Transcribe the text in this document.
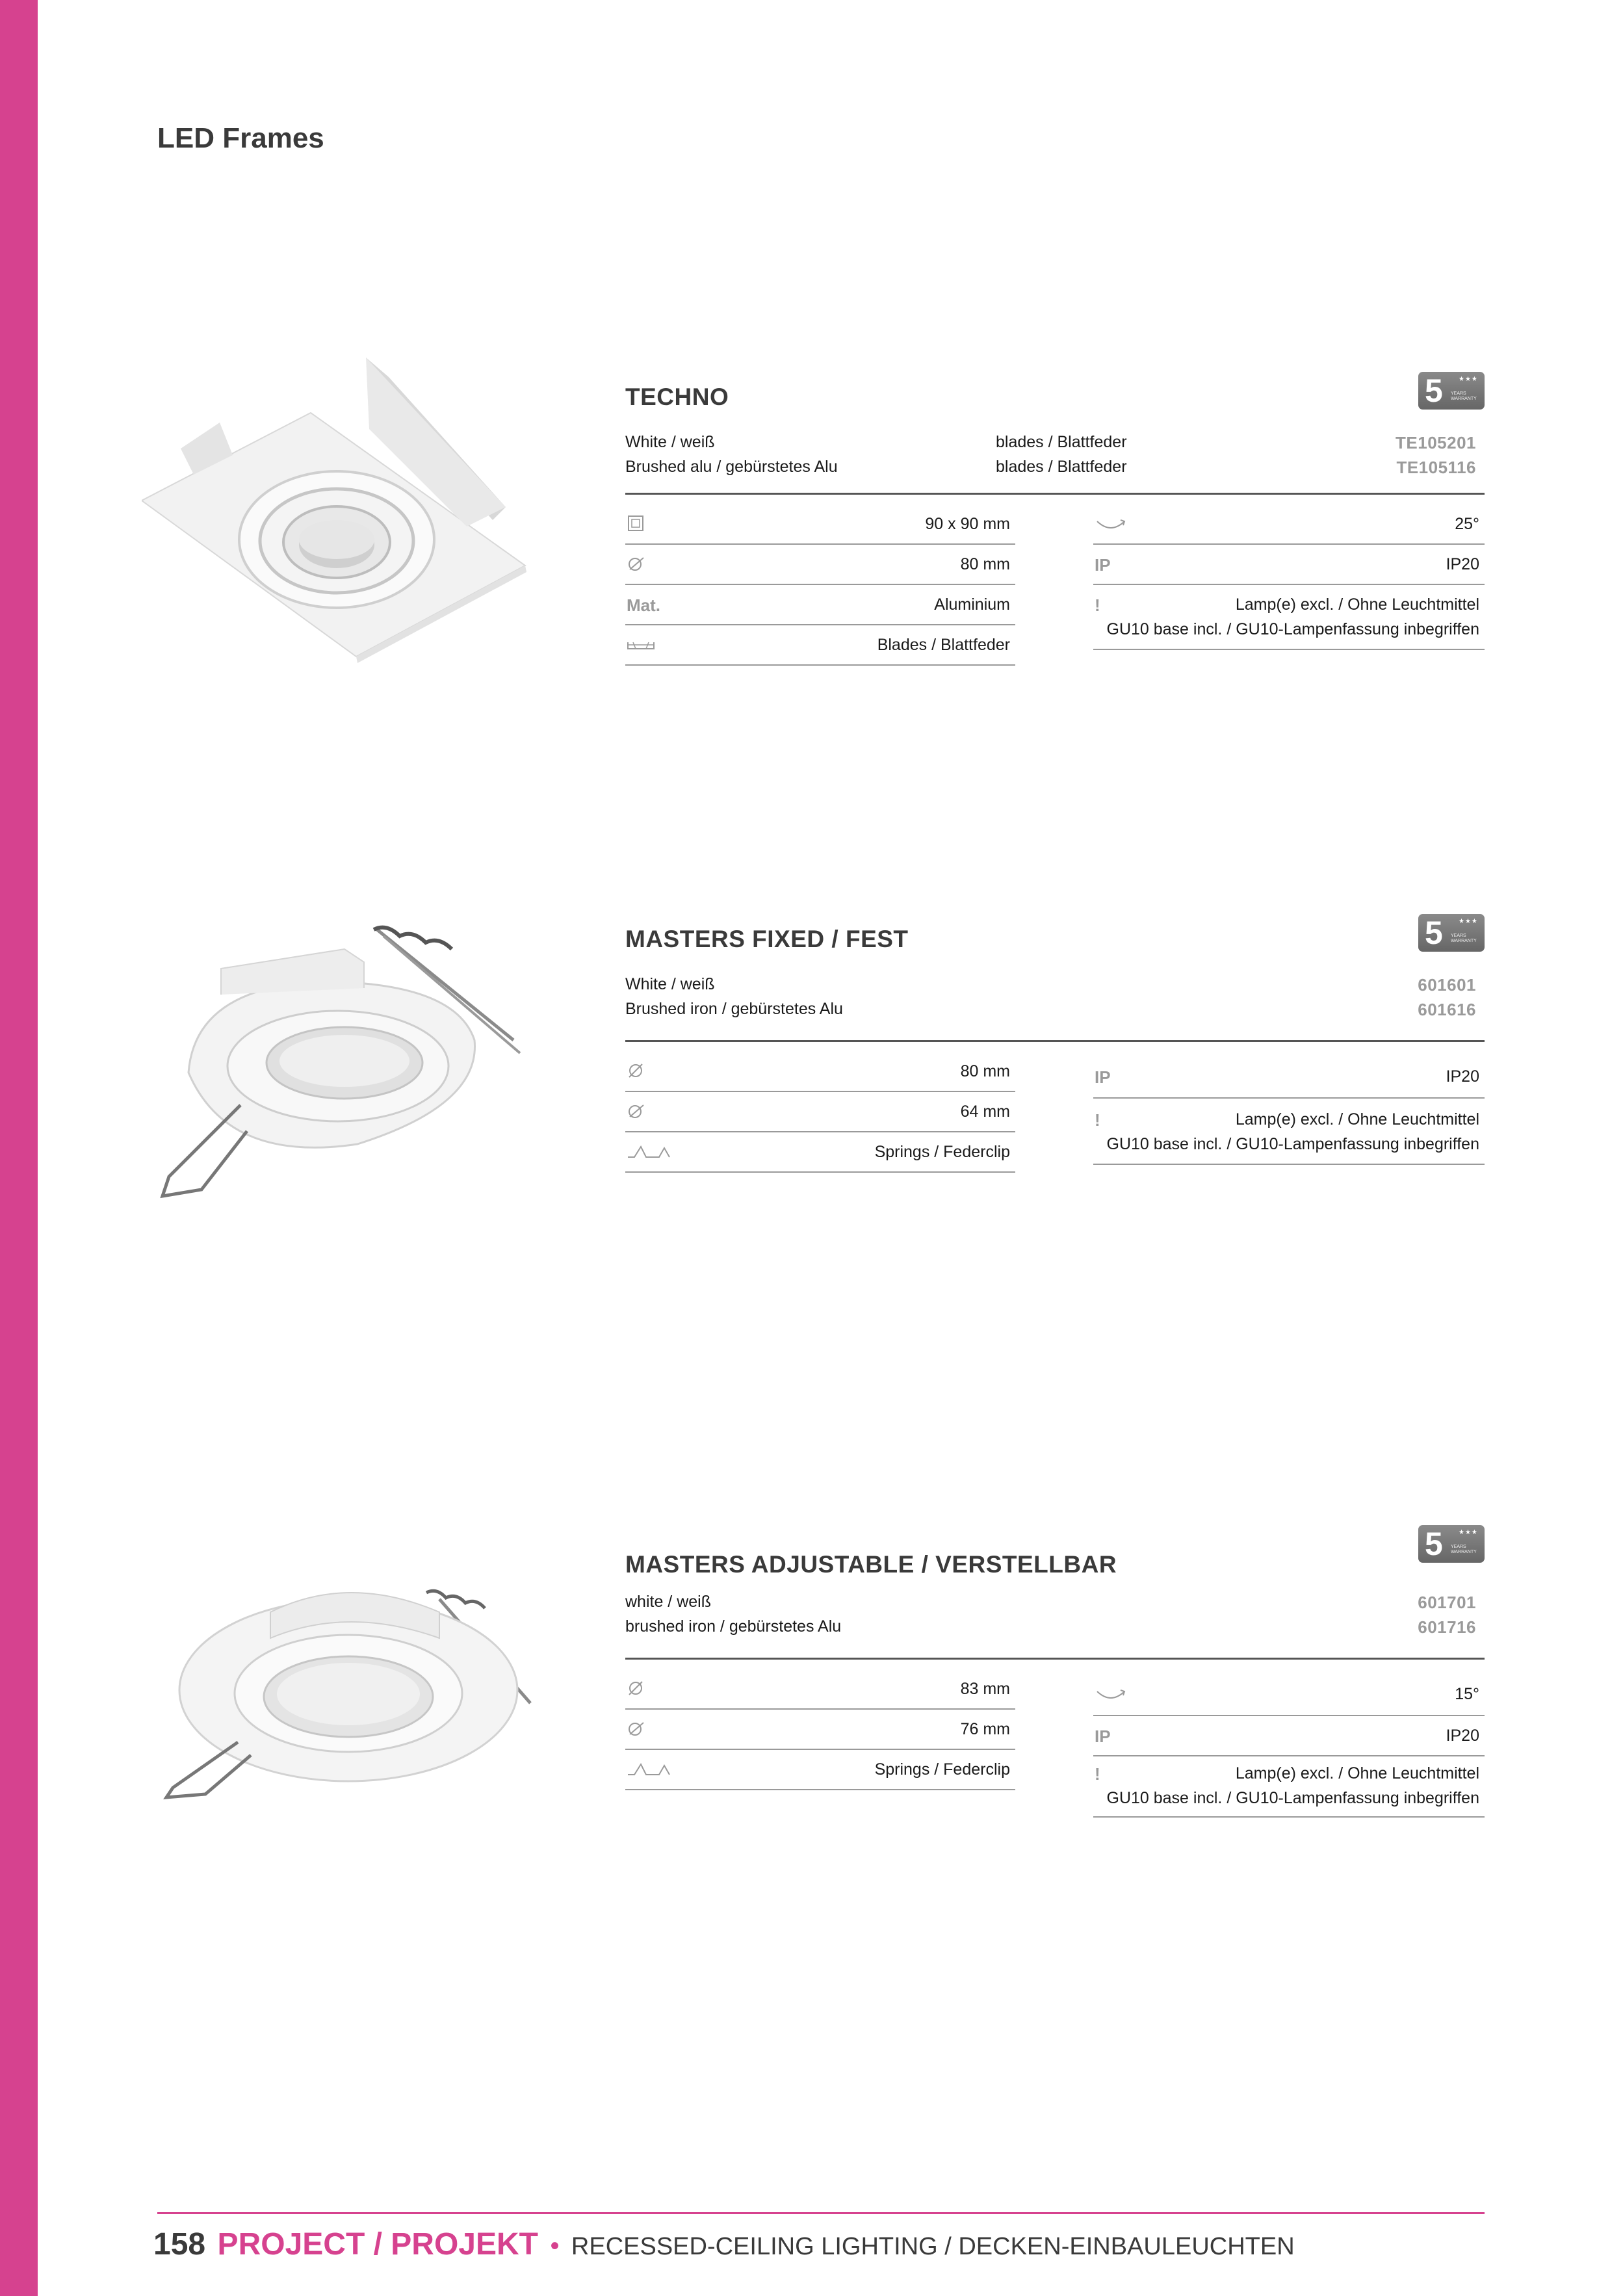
LED Frames
TECHNO	5 ★★★
YEARS
WARRANTY
White / weiß	blades / Blattfeder	TE105201
Brushed alu / gebürstetes Alu	blades / Blattfeder	TE105116
90 x 90 mm
80 mm
Mat.	Aluminium
Blades / Blattfeder
25°
IP	IP20
!	Lamp(e) excl. / Ohne Leuchtmittel
GU10 base incl. / GU10-Lampenfassung inbegriffen
MASTERS FIXED / FEST	5 ★★★
YEARS
WARRANTY
White / weiß	601601
Brushed iron / gebürstetes Alu	601616
80 mm
64 mm
Springs / Federclip
IP	IP20
!	Lamp(e) excl. / Ohne Leuchtmittel
GU10 base incl. / GU10-Lampenfassung inbegriffen
MASTERS ADJUSTABLE / VERSTELLBAR
5 ★★★
YEARS
WARRANTY
white / weiß	601701
brushed iron / gebürstetes Alu	601716
83 mm
76 mm
Springs / Federclip
15°
IP	IP20
!	Lamp(e) excl. / Ohne Leuchtmittel
GU10 base incl. / GU10-Lampenfassung inbegriffen
158 PROJECT / PROJEKT • RECESSED-CEILING LIGHTING / DECKEN-EINBAULEUCHTEN
